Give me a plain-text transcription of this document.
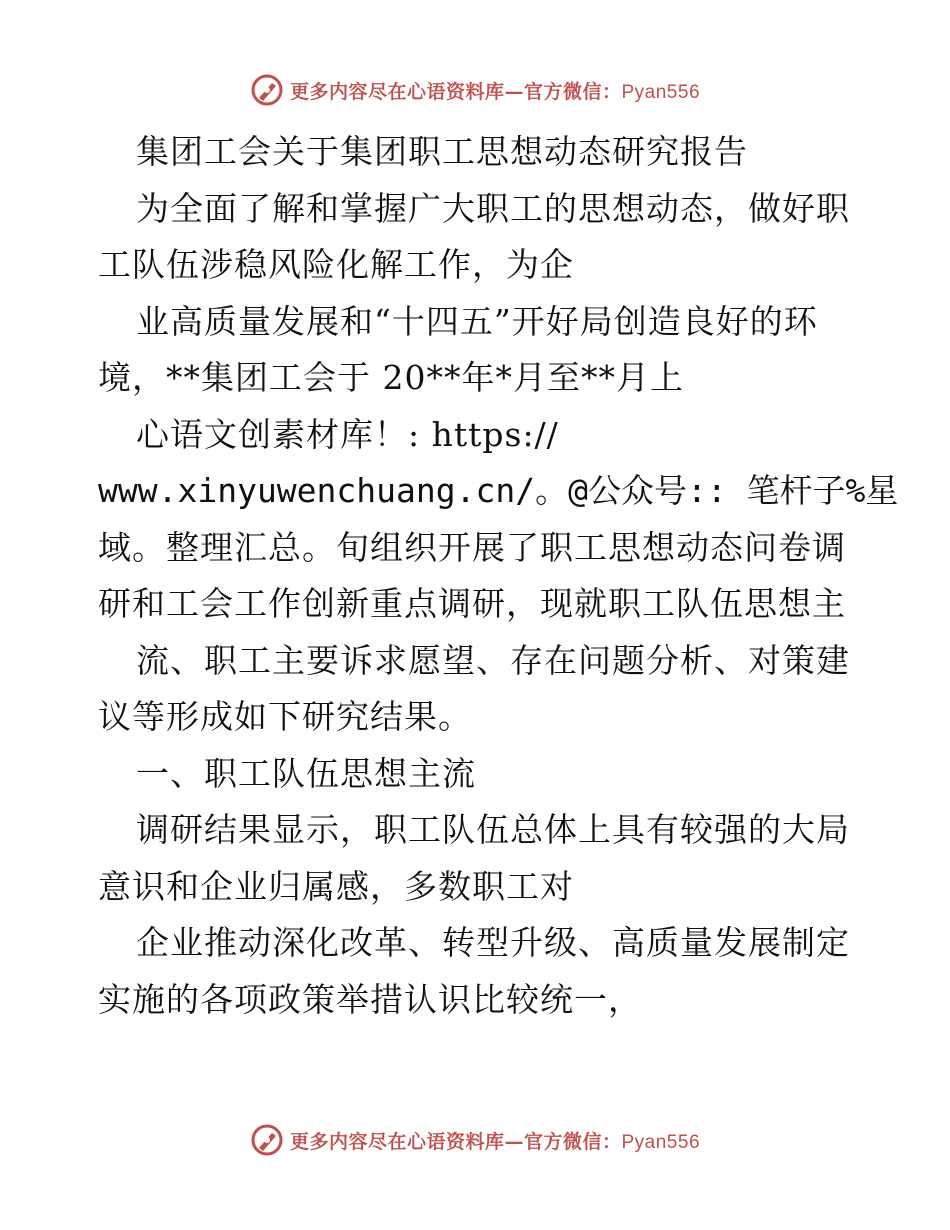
更多内容尽在心语资料库—官方微信：Pyan556
集团工会关于集团职工思想动态研究报告
为全面了解和掌握广大职工的思想动态，做好职
工队伍涉稳风险化解工作，为企
业高质量发展和“十四五”开好局创造良好的环
境，**集团工会于 20**年*月至**月上
心语文创素材库！: https://
www.xinyuwenchuang.cn/。@公众号:: 笔杆子%星
域。整理汇总。旬组织开展了职工思想动态问卷调
研和工会工作创新重点调研，现就职工队伍思想主
流、职工主要诉求愿望、存在问题分析、对策建
议等形成如下研究结果。
一、职工队伍思想主流
调研结果显示，职工队伍总体上具有较强的大局
意识和企业归属感，多数职工对
企业推动深化改革、转型升级、高质量发展制定
实施的各项政策举措认识比较统一，
更多内容尽在心语资料库—官方微信：Pyan556
